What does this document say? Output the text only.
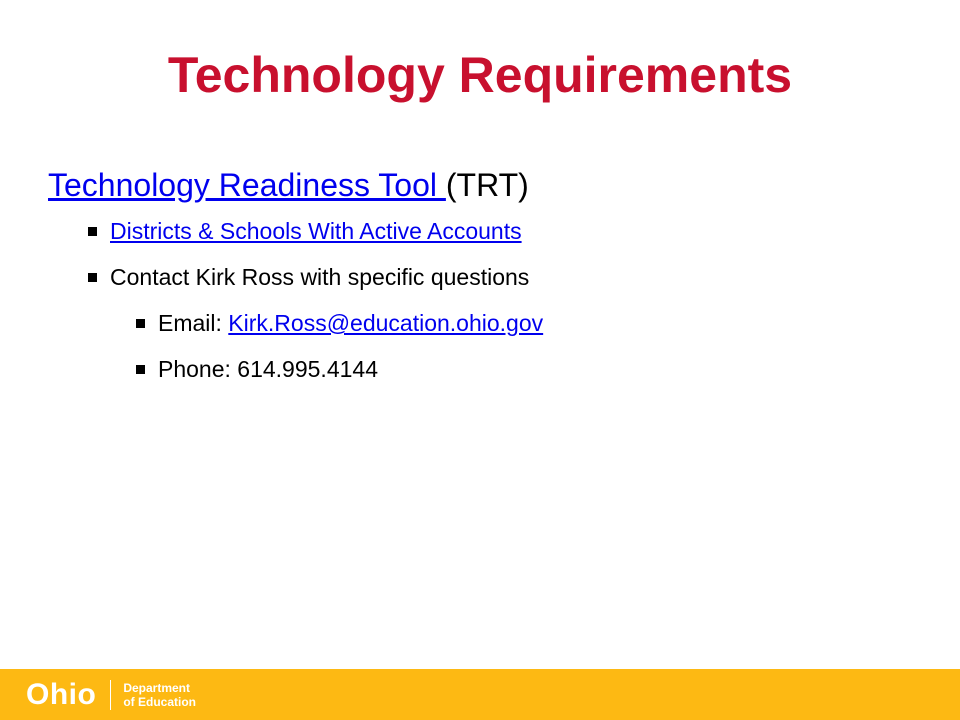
Technology Requirements
Technology Readiness Tool (TRT)
Districts & Schools With Active Accounts
Contact Kirk Ross with specific questions
Email: Kirk.Ross@education.ohio.gov
Phone: 614.995.4144
Ohio Department
of Education
